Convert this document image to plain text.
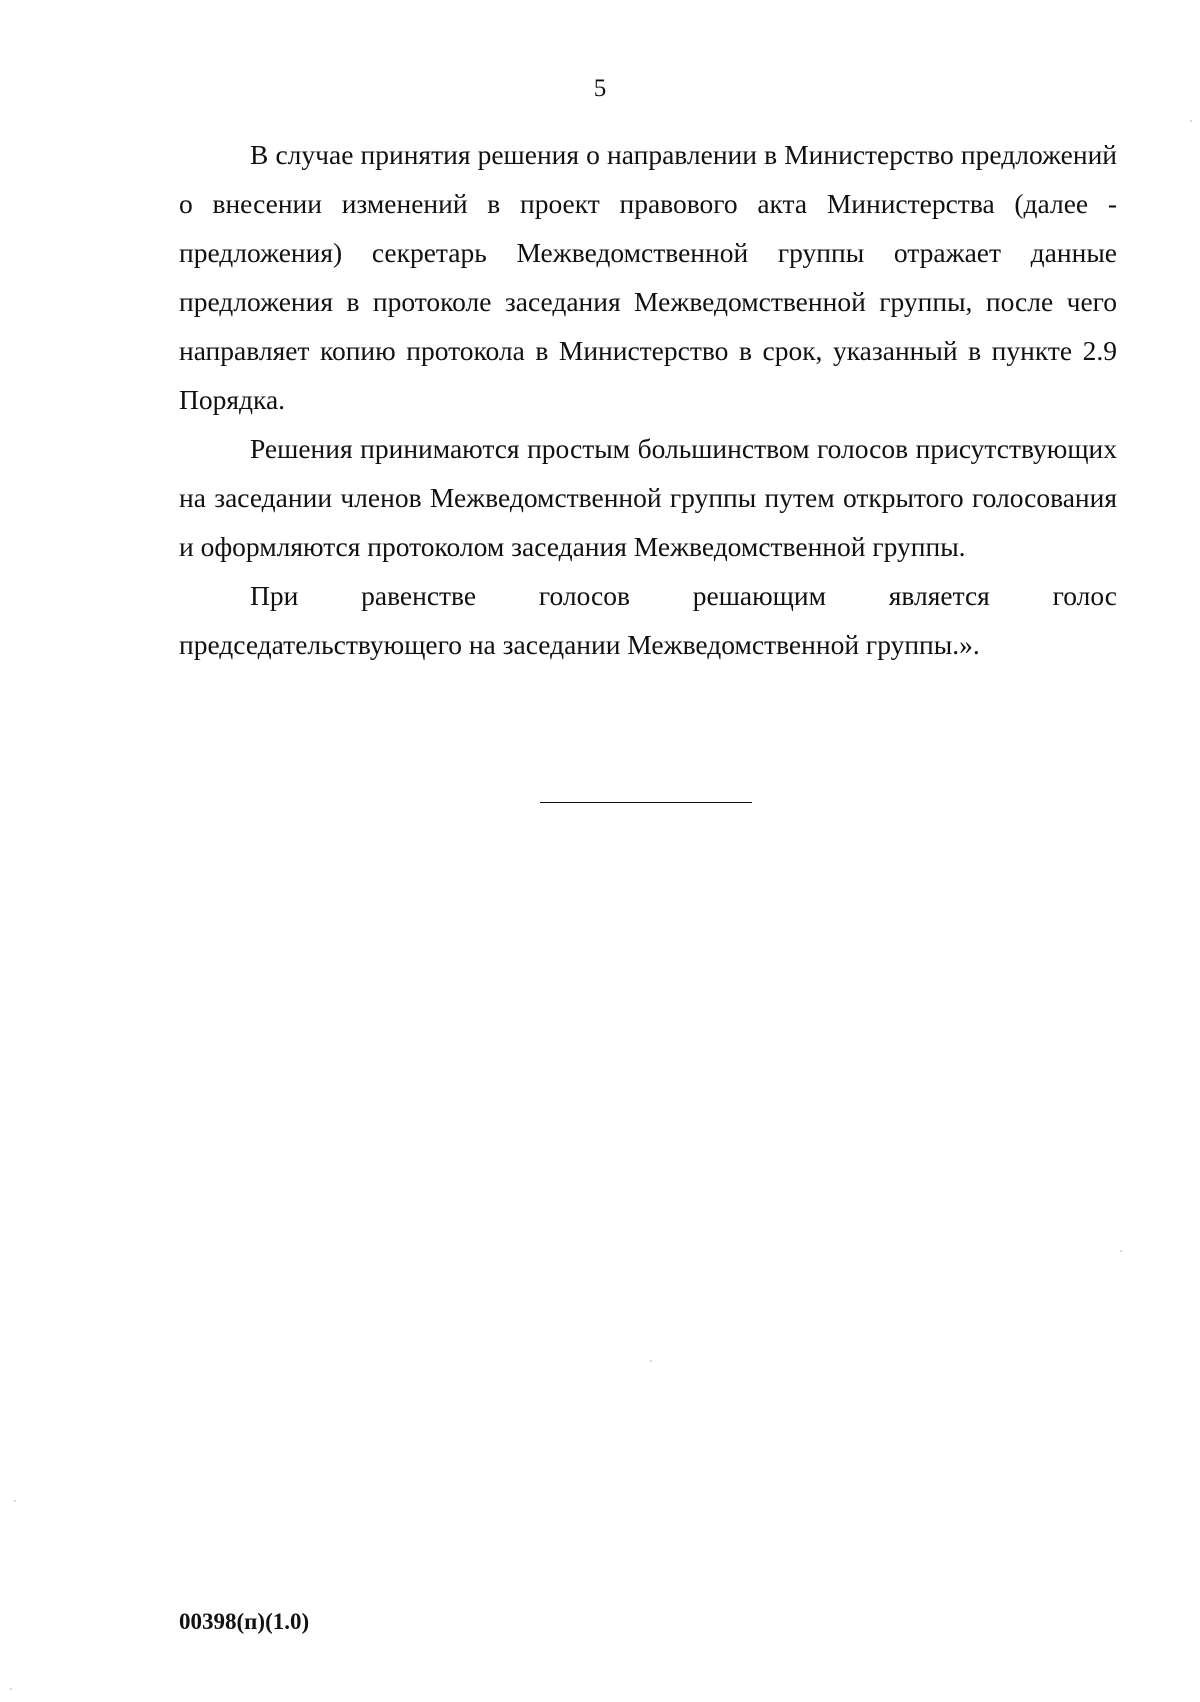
5

В случае принятия решения о направлении в Министерство предложений о внесении изменений в проект правового акта Министерства (далее - предложения) секретарь Межведомственной группы отражает данные предложения в протоколе заседания Межведомственной группы, после чего направляет копию протокола в Министерство в срок, указанный в пункте 2.9 Порядка.

Решения принимаются простым большинством голосов присутствующих на заседании членов Межведомственной группы путем открытого голосования и оформляются протоколом заседания Межведомственной группы.

При равенстве голосов решающим является голос председательствующего на заседании Межведомственной группы.».

00398(п)(1.0)
